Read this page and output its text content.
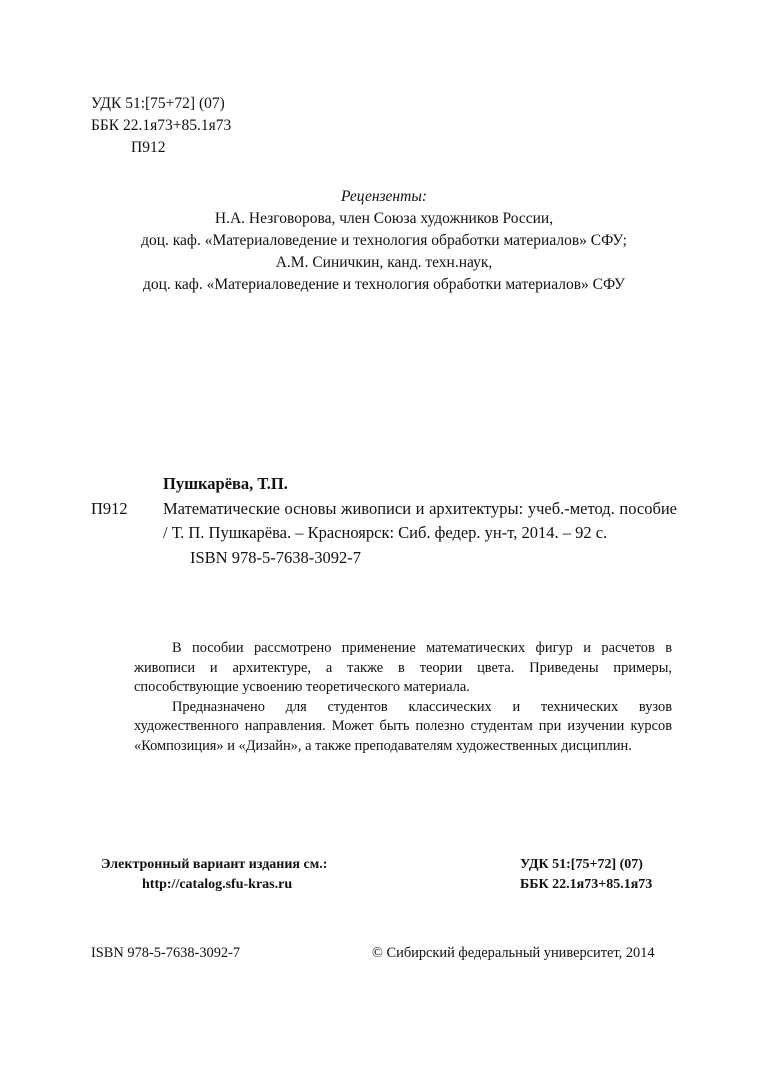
УДК 51:[75+72] (07)
ББК 22.1я73+85.1я73
П912
Рецензенты:
Н.А. Незговорова, член Союза художников России,
доц. каф. «Материаловедение и технология обработки материалов» СФУ;
А.М. Синичкин, канд. техн.наук,
доц. каф. «Материаловедение и технология обработки материалов» СФУ
Пушкарёва, Т.П.
П912	Математические основы живописи и архитектуры: учеб.-метод. пособие / Т. П. Пушкарёва. – Красноярск: Сиб. федер. ун-т, 2014. – 92 с.
ISBN 978-5-7638-3092-7

В пособии рассмотрено применение математических фигур и расчетов в живописи и архитектуре, а также в теории цвета. Приведены примеры, способствующие усвоению теоретического материала.

Предназначено для студентов классических и технических вузов художественного направления. Может быть полезно студентам при изучении курсов «Композиция» и «Дизайн», а также преподавателям художественных дисциплин.

Электронный вариант издания см.:
http://catalog.sfu-kras.ru
УДК 51:[75+72] (07)
ББК 22.1я73+85.1я73
ISBN 978-5-7638-3092-7	© Сибирский федеральный университет, 2014
